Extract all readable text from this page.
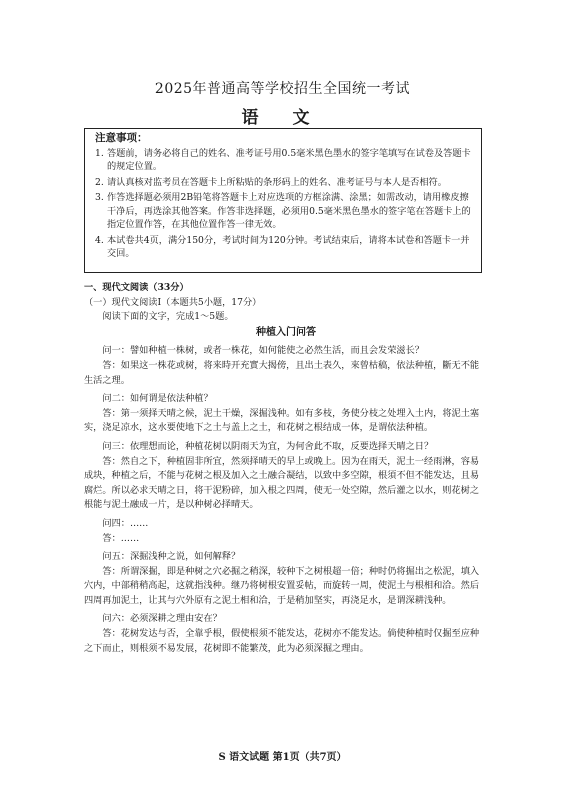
2025年普通高等学校招生全国统一考试
语 文
注意事项：
1. 答题前，请务必将自己的姓名、准考证号用0.5毫米黑色墨水的签字笔填写在试卷及答题卡的规定位置。
2. 请认真核对监考员在答题卡上所粘贴的条形码上的姓名、准考证号与本人是否相符。
3. 作答选择题必须用2B铅笔将答题卡上对应选项的方框涂满、涂黑；如需改动，请用橡皮擦干净后，再选涂其他答案。作答非选择题，必须用0.5毫米黑色墨水的签字笔在答题卡上的指定位置作答，在其他位置作答一律无效。
4. 本试卷共4页，满分150分，考试时间为120分钟。考试结束后，请将本试卷和答题卡一并交回。
一、现代文阅读（33分）
（一）现代文阅读Ⅰ（本题共5小题，17分）
阅读下面的文字，完成1～5题。
种植入门问答
问一：譬如种植一株树，或者一株花，如何能使之必然生活，而且会发荣滋长？
答：如果这一株花或树，将来時开充實大揭傍，且出土表久，來曾枯稿，依法种植，斷无不能生活之理。
问二：如何谓是依法种植？
答：第一须择天晴之候，泥土干燥，深掘浅种。如有多枝，务使分枝之处埋入土内，将泥土塞实，浇足凉水，这水要使地下之土与盖上之土，和花树之根结成一体，是谓依法种植。
问三：依理想而论，种植花树以阴雨天为宜，为何舍此不取，反要选择天晴之日？
答：然自之下，种植固非所宜，然须择晴天的早上或晚上。因为在雨天，泥土一经雨淋，容易成块，种植之后，不能与花树之根及加入之土融合凝结，以致中多空隙，根須不但不能发达，且易腐烂。所以必求天晴之日，将干泥粉碎，加入根之四周，使无一处空隙，然后灌之以水，则花树之根能与泥土融成一片，是以种树必择晴天。
问四：……
答：……
问五：深掘浅种之说，如何解释？
答：所谓深掘，即是种树之穴必掘之稍深，较种下之树根超一倍；种时仍将掘出之松泥，填入穴内，中部稍稍高起，这就指浅种。继乃将树根安置妥帖，而旋转一周，使泥土与根相和洽。然后四周再加泥土，让其与穴外原有之泥土相和洽，于是稍加坚实，再浇足水，是谓深耕浅种。
问六：必须深耕之理由安在？
答：花树发达与否，全靠乎根，假使根须不能发达，花树亦不能发达。倘使种植时仅掘至应种之下而止，则根须不易发展，花树即不能繁茂，此为必须深掘之理由。
S 语文试题 第1页（共7页）
